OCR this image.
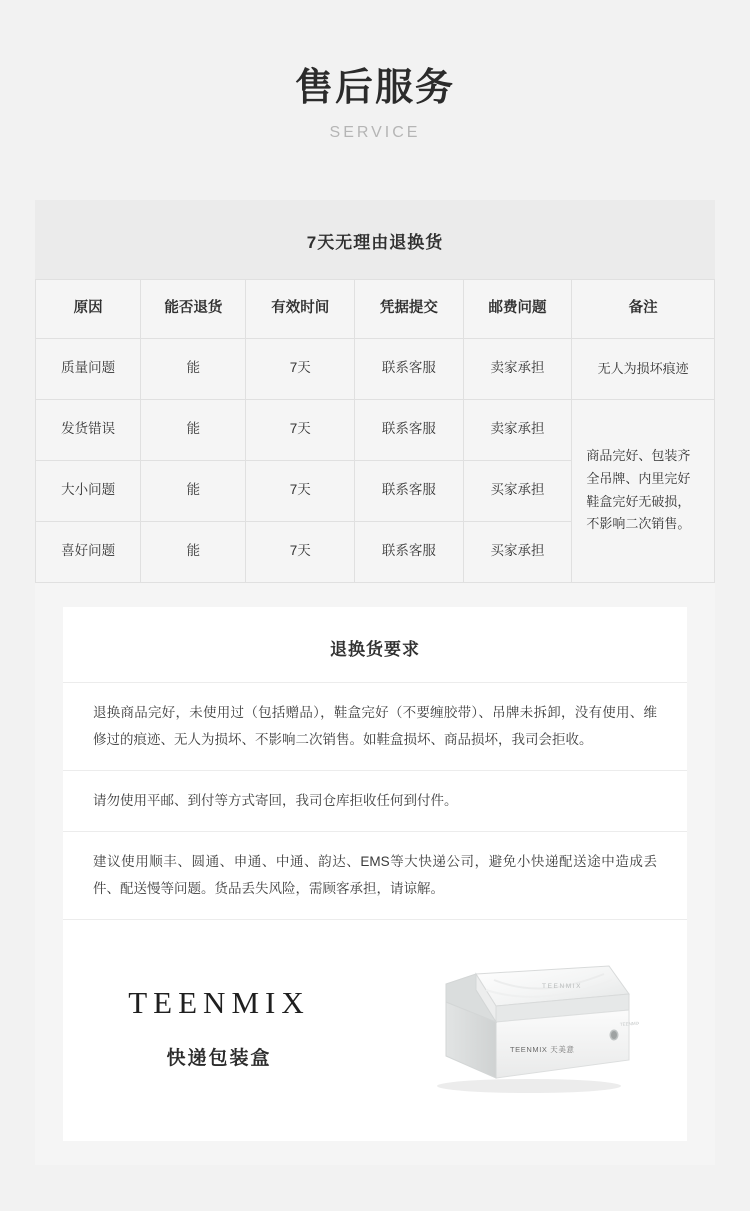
售后服务
SERVICE
7天无理由退换货
原因	能否退货	有效时间	凭据提交	邮费问题	备注
质量问题	能	7天	联系客服	卖家承担	无人为损坏痕迹
发货错误	能	7天	联系客服	卖家承担	商品完好、包装齐全吊牌、内里完好鞋盒完好无破损，不影响二次销售。
大小问题	能	7天	联系客服	买家承担	
喜好问题	能	7天	联系客服	买家承担	
退换货要求
退换商品完好，未使用过（包括赠品），鞋盒完好（不要缠胶带）、吊牌未拆卸，没有使用、维修过的痕迹、无人为损坏、不影响二次销售。如鞋盒损坏、商品损坏，我司会拒收。
请勿使用平邮、到付等方式寄回，我司仓库拒收任何到付件。
建议使用顺丰、圆通、申通、中通、韵达、EMS等大快递公司，避免小快递配送途中造成丢件、配送慢等问题。货品丢失风险，需顾客承担，请谅解。
TEENMIX
快递包装盒	TEENMIX 天美意
TEENMIX
TEENMIX
